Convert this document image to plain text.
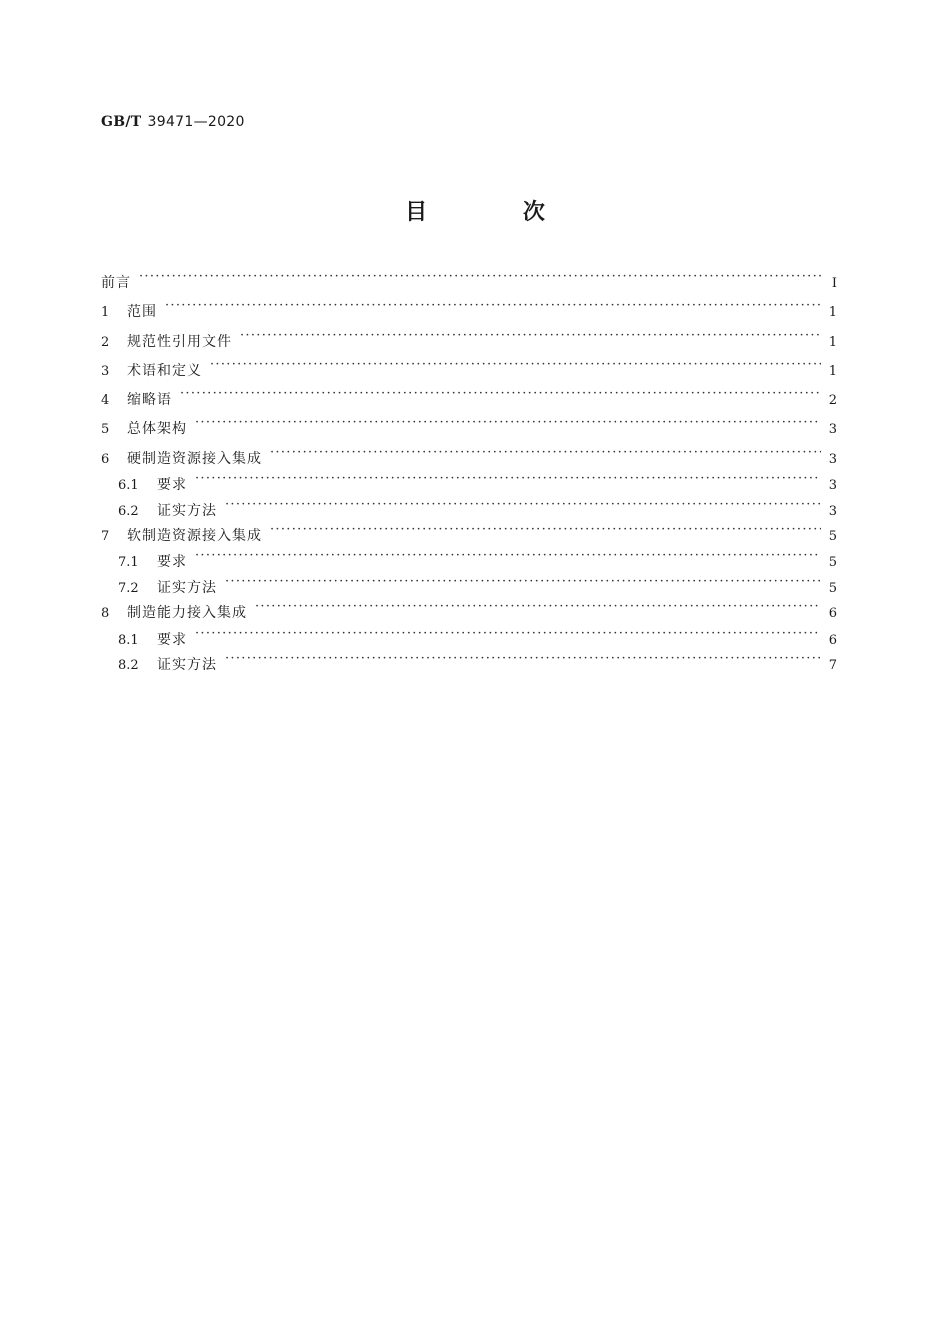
GB/T 39471—2020
目 次
前言 ·····	Ⅰ
1	范围 ·····	1
2	规范性引用文件 ·····	1
3	术语和定义 ·····	1
4	缩略语 ·····	2
5	总体架构 ·····	3
6	硬制造资源接入集成 ·····	3
6.1	要求 ·····	3
6.2	证实方法 ·····	3
7	软制造资源接入集成 ·····	5
7.1	要求 ·····	5
7.2	证实方法 ·····	5
8	制造能力接入集成 ·····	6
8.1	要求 ·····	6
8.2	证实方法 ·····	7
